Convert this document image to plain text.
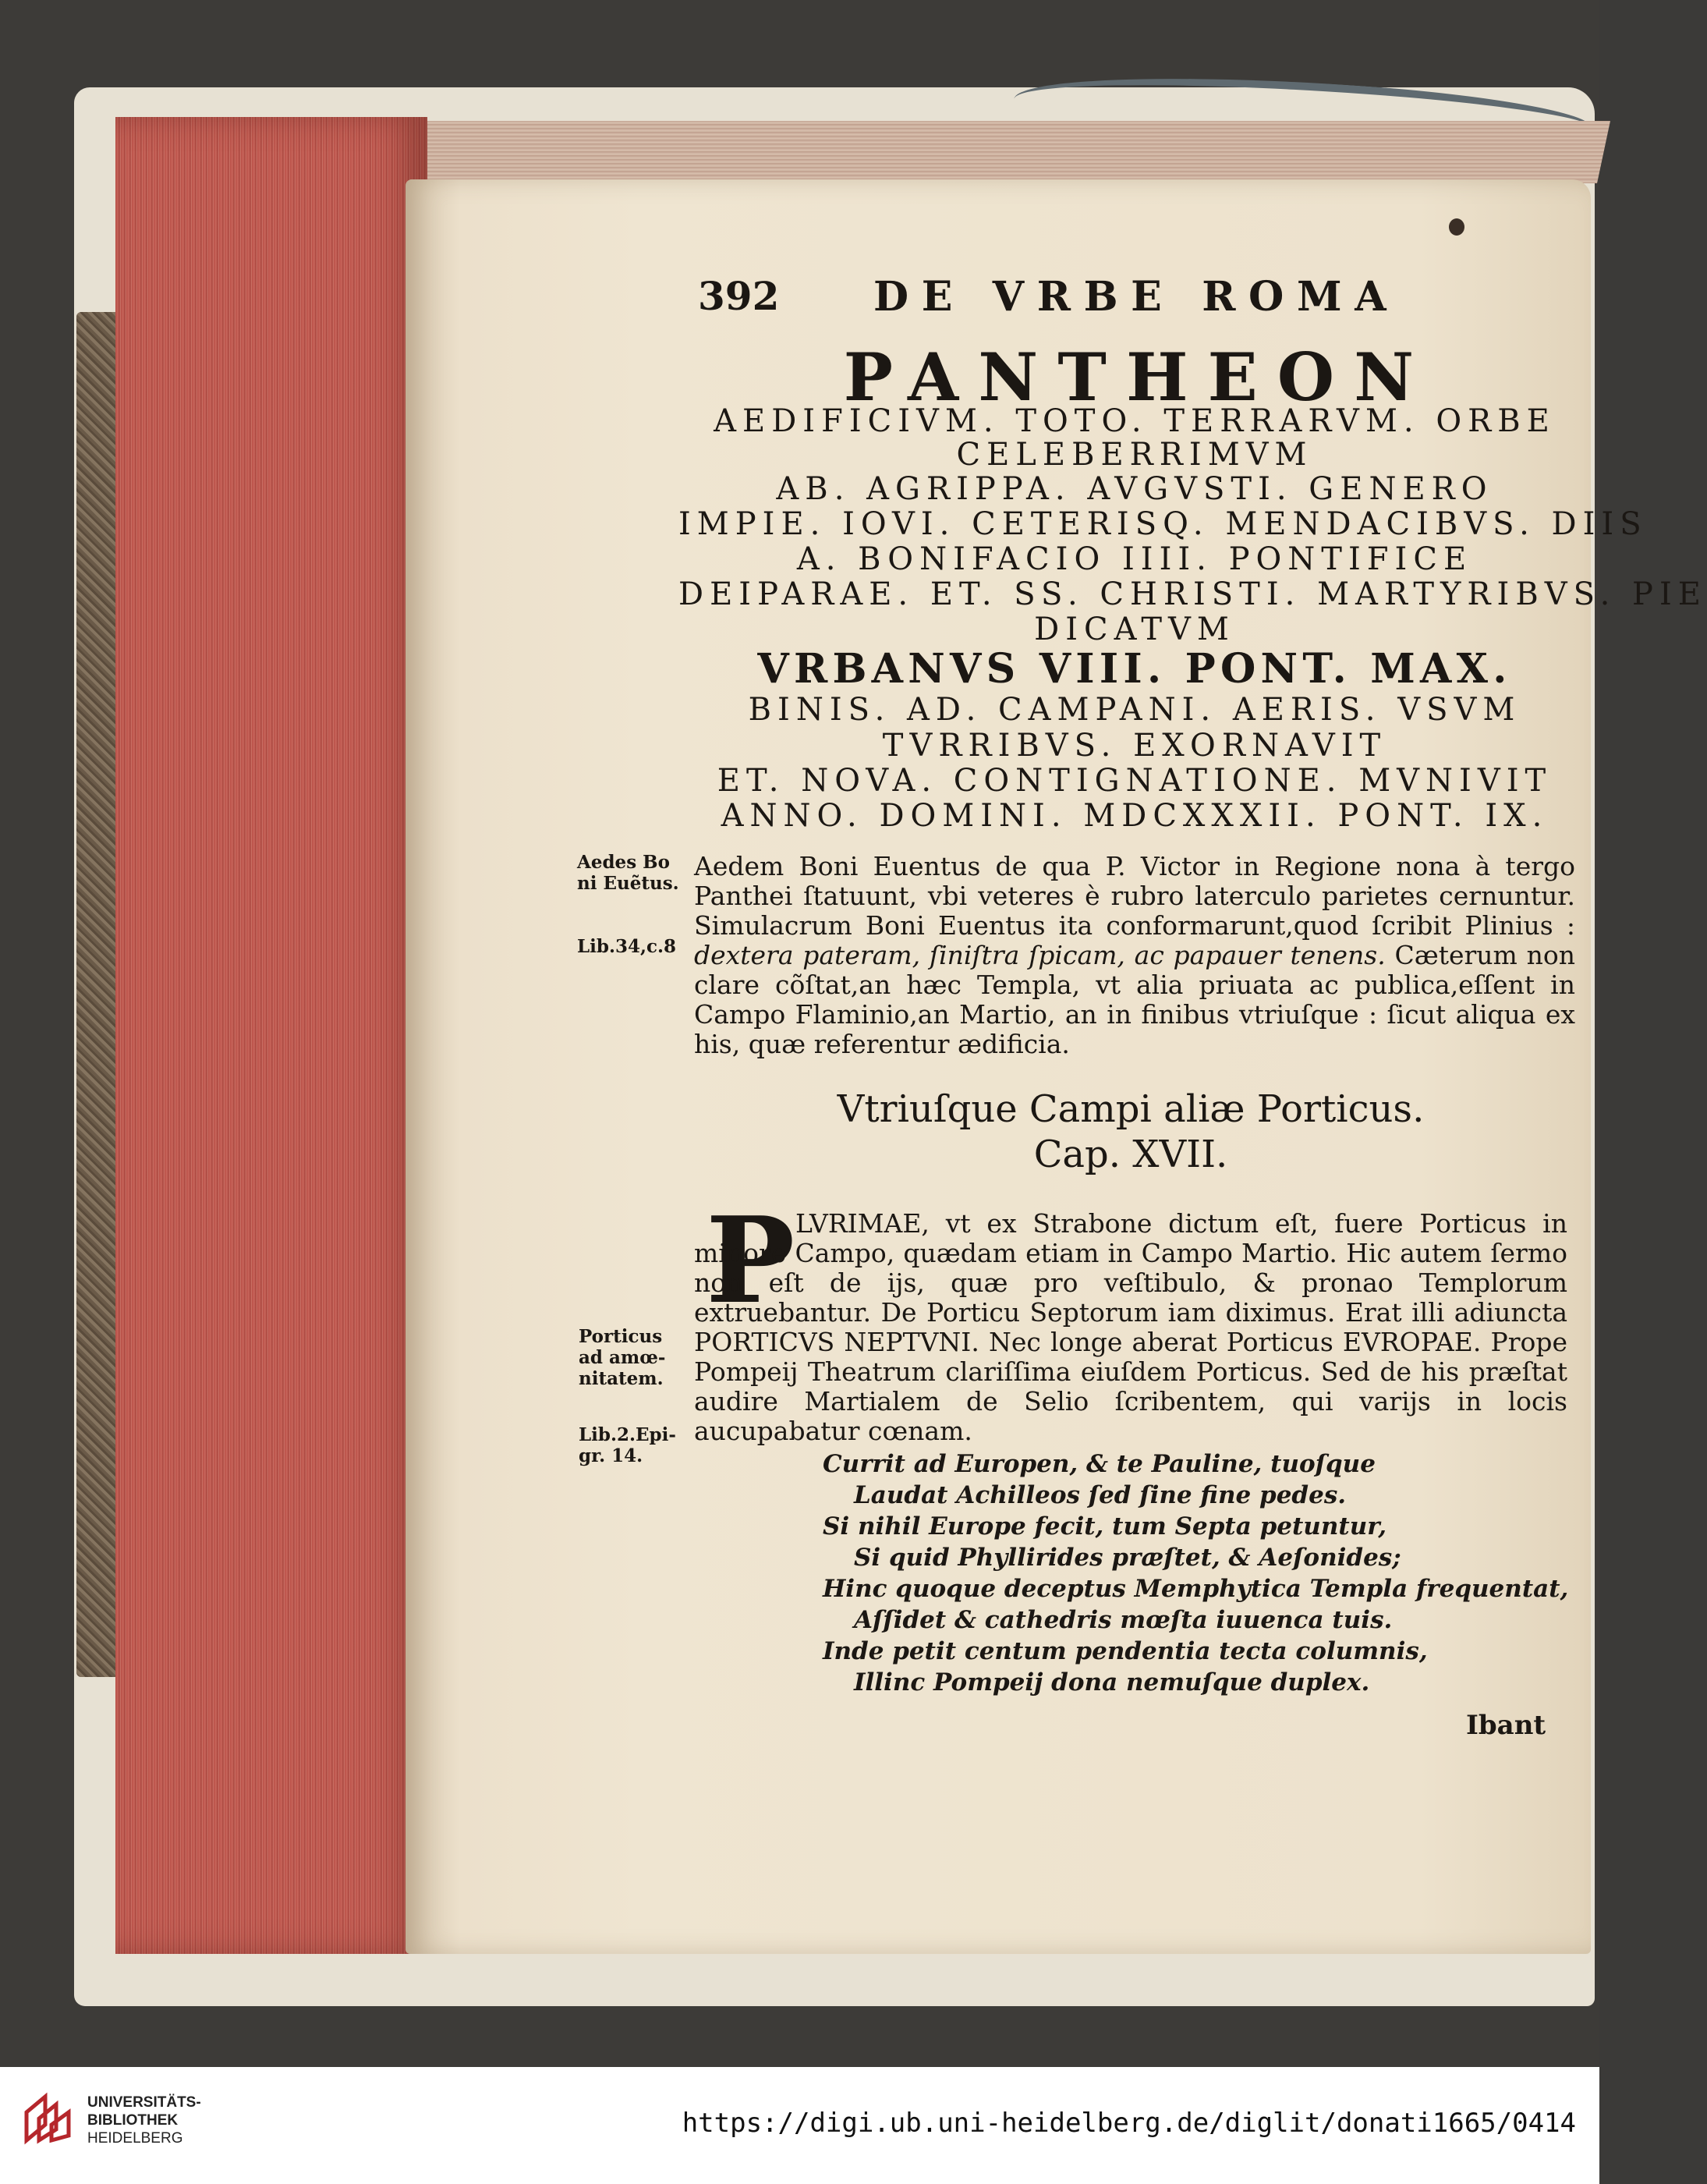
392 DE VRBE ROMA
PANTHEON
AEDIFICIVM. TOTO. TERRARVM. ORBE
CELEBERRIMVM
AB. AGRIPPA. AVGVSTI. GENERO
IMPIE. IOVI. CETERISQ. MENDACIBVS. DIIS
A. BONIFACIO IIII. PONTIFICE
DEIPARAE. ET. SS. CHRISTI. MARTYRIBVS. PIE
DICATVM
VRBANVS VIII. PONT. MAX.
BINIS. AD. CAMPANI. AERIS. VSVM
TVRRIBVS. EXORNAVIT
ET. NOVA. CONTIGNATIONE. MVNIVIT
ANNO. DOMINI. MDCXXXII. PONT. IX.
Aedes Bo
ni Euẽtus.
Lib.34,c.8

Aedem Boni Euentus de qua P. Victor in Regione nona à tergo Panthei ſtatuunt, vbi veteres è rubro laterculo parietes cernuntur. Simulacrum Boni Euentus ita conformarunt,quod ſcribit Plinius : dextera pateram, ſiniſtra ſpicam, ac papauer tenens. Cæterum non clare cõſtat,an hæc Templa, vt alia priuata ac publica,eſſent in Campo Flaminio,an Martio, an in finibus vtriuſque : ſicut aliqua ex his, quæ referentur ædificia.

Vtriuſque Campi aliæ Porticus.
Cap. XVII.
P LVRIMAE, vt ex Strabone dictum eſt, fuere Porticus in minore Campo, quædam etiam in Campo Martio. Hic autem ſermo non eſt de ijs, quæ pro veſtibulo, & pronao Templorum extruebantur. De Porticu Septorum iam diximus. Erat illi adiuncta PORTICVS NEPTVNI. Nec longe aberat Porticus EVROPAE. Prope Pompeij Theatrum clariſſima eiuſdem Porticus. Sed de his præſtat audire Martialem de Selio ſcribentem, qui varijs in locis aucupabatur cœnam.

Porticus
ad amœ-
nitatem.
Lib.2.Epi-
gr. 14.	Currit ad Europen, & te Pauline, tuoſque
Laudat Achilleos ſed ſine fine pedes.
Si nihil Europe fecit, tum Septa petuntur,
Si quid Phyllirides præſtet, & Aeſonides;
Hinc quoque deceptus Memphytica Templa frequentat,
Aſſidet & cathedris mœſta iuuenca tuis.
Inde petit centum pendentia tecta columnis,
Illinc Pompeij dona nemuſque duplex.
Ibant
UNIVERSITÄTS-
BIBLIOTHEK
HEIDELBERG	https://digi.ub.uni-heidelberg.de/diglit/donati1665/0414
